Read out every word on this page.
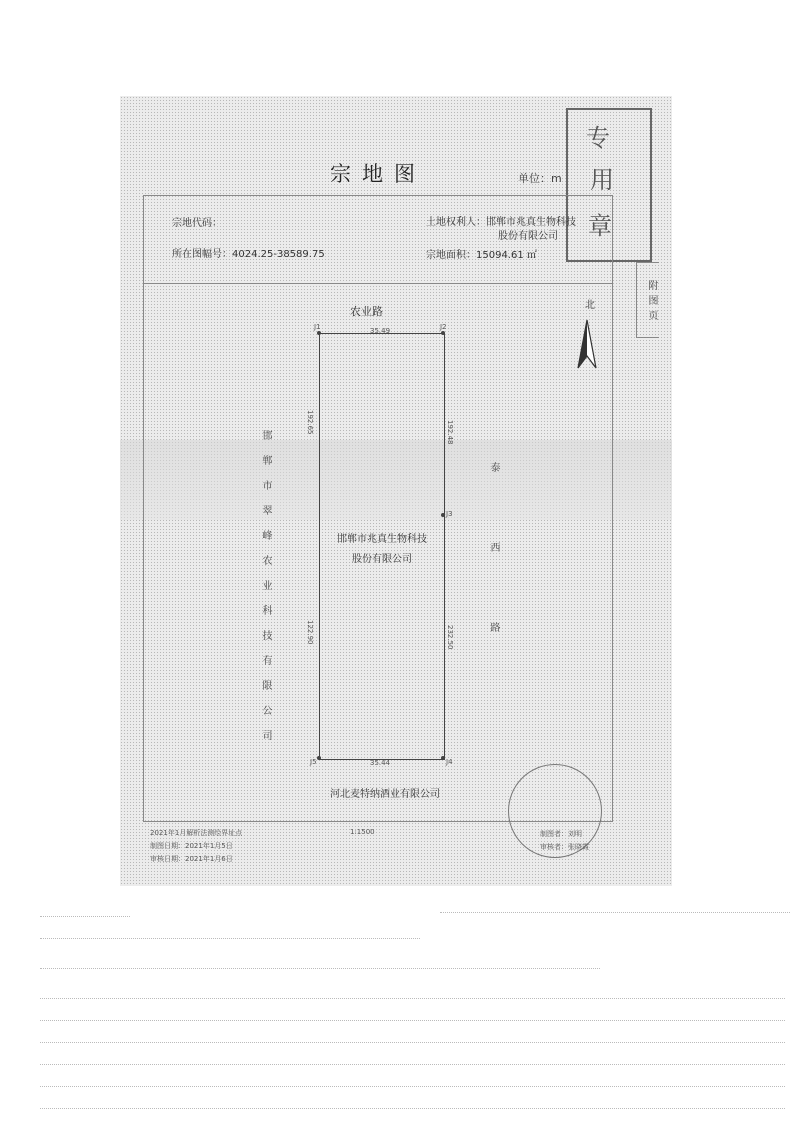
宗地图	单位：m
专
用
章
宗地代码：
所在图幅号：4024.25-38589.75
土地权利人：邯郸市兆真生物科技
股份有限公司
宗地面积：15094.61 ㎡
附图页
农业路	北
J1	J2
J3
J4
J5
35.49
35.44
192.65
122.90
192.48
232.50
邯郸市翠峰农业科技有限公司	泰西路
邯郸市兆真生物科技
股份有限公司
河北麦特纳酒业有限公司
制图者：刘明
审核者：张晓霞
2021年1月解析法测绘界址点
制图日期：2021年1月5日
审核日期：2021年1月6日
1:1500
